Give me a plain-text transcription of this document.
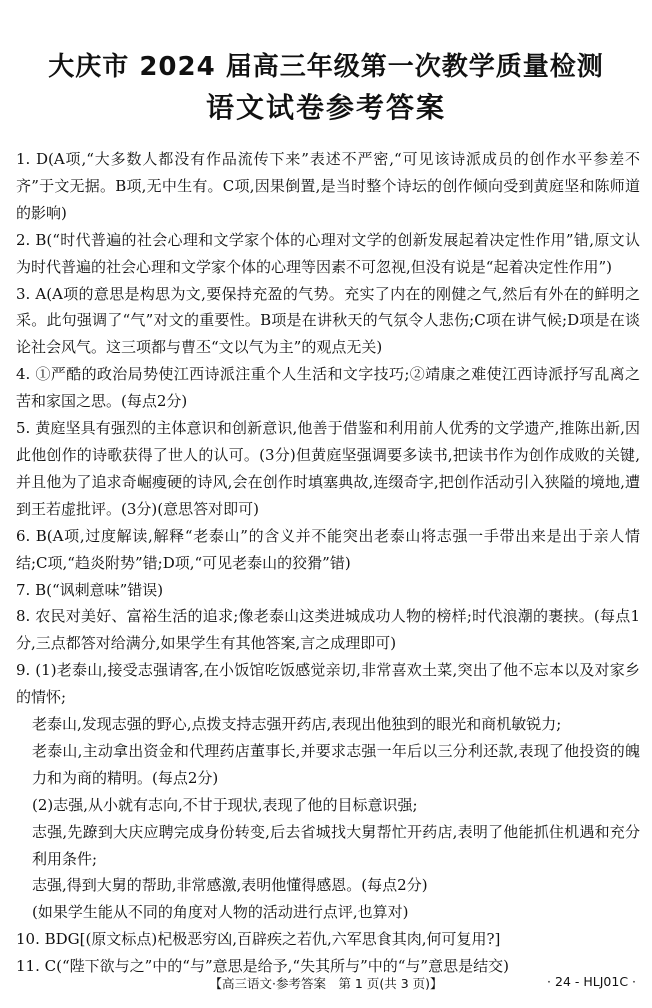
大庆市 2024 届高三年级第一次教学质量检测
语文试卷参考答案

1. D(A项,“大多数人都没有作品流传下来”表述不严密,“可见该诗派成员的创作水平参差不齐”于文无据。B项,无中生有。C项,因果倒置,是当时整个诗坛的创作倾向受到黄庭坚和陈师道的影响)

2. B(“时代普遍的社会心理和文学家个体的心理对文学的创新发展起着决定性作用”错,原文认为时代普遍的社会心理和文学家个体的心理等因素不可忽视,但没有说是“起着决定性作用”)

3. A(A项的意思是构思为文,要保持充盈的气势。充实了内在的刚健之气,然后有外在的鲜明之采。此句强调了“气”对文的重要性。B项是在讲秋天的气氛令人悲伤;C项在讲气候;D项是在谈论社会风气。这三项都与曹丕“文以气为主”的观点无关)

4. ①严酷的政治局势使江西诗派注重个人生活和文字技巧;②靖康之难使江西诗派抒写乱离之苦和家国之思。(每点2分)

5. 黄庭坚具有强烈的主体意识和创新意识,他善于借鉴和利用前人优秀的文学遗产,推陈出新,因此他创作的诗歌获得了世人的认可。(3分)但黄庭坚强调要多读书,把读书作为创作成败的关键,并且他为了追求奇崛瘦硬的诗风,会在创作时填塞典故,连缀奇字,把创作活动引入狭隘的境地,遭到王若虚批评。(3分)(意思答对即可)

6. B(A项,过度解读,解释“老泰山”的含义并不能突出老泰山将志强一手带出来是出于亲人情结;C项,“趋炎附势”错;D项,“可见老泰山的狡猾”错)

7. B(“讽刺意味”错误)

8. 农民对美好、富裕生活的追求;像老泰山这类进城成功人物的榜样;时代浪潮的裹挟。(每点1分,三点都答对给满分,如果学生有其他答案,言之成理即可)

9. (1)老泰山,接受志强请客,在小饭馆吃饭感觉亲切,非常喜欢土菜,突出了他不忘本以及对家乡的情怀;

老泰山,发现志强的野心,点拨支持志强开药店,表现出他独到的眼光和商机敏锐力;

老泰山,主动拿出资金和代理药店董事长,并要求志强一年后以三分利还款,表现了他投资的魄力和为商的精明。(每点2分)

(2)志强,从小就有志向,不甘于现状,表现了他的目标意识强;

志强,先蹽到大庆应聘完成身份转变,后去省城找大舅帮忙开药店,表明了他能抓住机遇和充分利用条件;

志强,得到大舅的帮助,非常感激,表明他懂得感恩。(每点2分)

(如果学生能从不同的角度对人物的活动进行点评,也算对)

10. BDG[(原文标点)杞极恶穷凶,百辟疾之若仇,六军思食其肉,何可复用?]

11. C(“陛下欲与之”中的“与”意思是给予,“失其所与”中的“与”意思是结交)

【高三语文·参考答案　第 1 页(共 3 页)】	· 24 - HLJ01C ·
